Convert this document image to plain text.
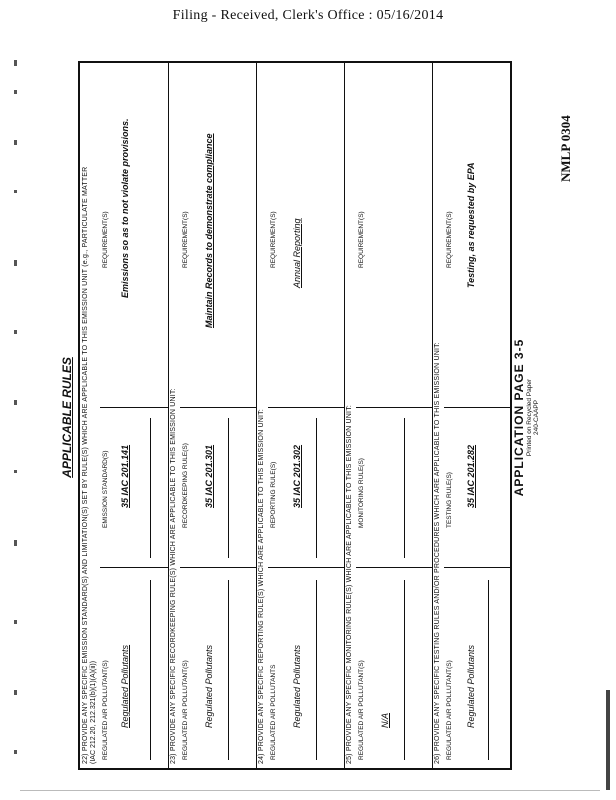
Filing - Received, Clerk's Office : 05/16/2014
NMLP 0304
APPLICABLE RULES 22) PROVIDE ANY SPECIFIC EMISSION STANDARD(S) AND LIMITATION(S) SET BY RULE(S) WHICH ARE APPLICABLE TO THIS EMISSION UNIT (e.g., PARTICULATE MATTER (IAC 212.20, 212.321(b)(1)(A)(ii)) REGULATED AIR POLLUTANT(S)
EMISSION STANDARD(S)
REQUIREMENT(S)
Regulated Pollutants
35 IAC 201.141
Emissions so as to not violate provisions.
23) PROVIDE ANY SPECIFIC RECORDKEEPING RULE(S) WHICH ARE APPLICABLE TO THIS EMISSION UNIT: REGULATED AIR POLLUTANT(S)
RECORDKEEPING RULE(S)
REQUIREMENT(S)
Regulated Pollutants
35 IAC 201.301
Maintain Records to demonstrate compliance
24) PROVIDE ANY SPECIFIC REPORTING RULE(S) WHICH ARE APPLICABLE TO THIS EMISSION UNIT: REGULATED AIR POLLUTANTS
REPORTING RULE(S)
REQUIREMENT(S)
Regulated Pollutants
35 IAC 201.302
Annual Reporting
25) PROVIDE ANY SPECIFIC MONITORING RULE(S) WHICH ARE APPLICABLE TO THIS EMISSION UNIT: REGULATED AIR POLLUTANT(S)
MONITORING RULE(S)
REQUIREMENT(S)
N/A	26) PROVIDE ANY SPECIFIC TESTING RULES AND/OR PROCEDURES WHICH ARE APPLICABLE TO THIS EMISSION UNIT: REGULATED AIR POLLUTANT(S)
TESTING RULE(S)
REQUIREMENT(S)
Regulated Pollutants
35 IAC 201.282
Testing, as requested by EPA
APPLICATION PAGE 3-5 Printed on Recycled Paper 240-CAAPP
